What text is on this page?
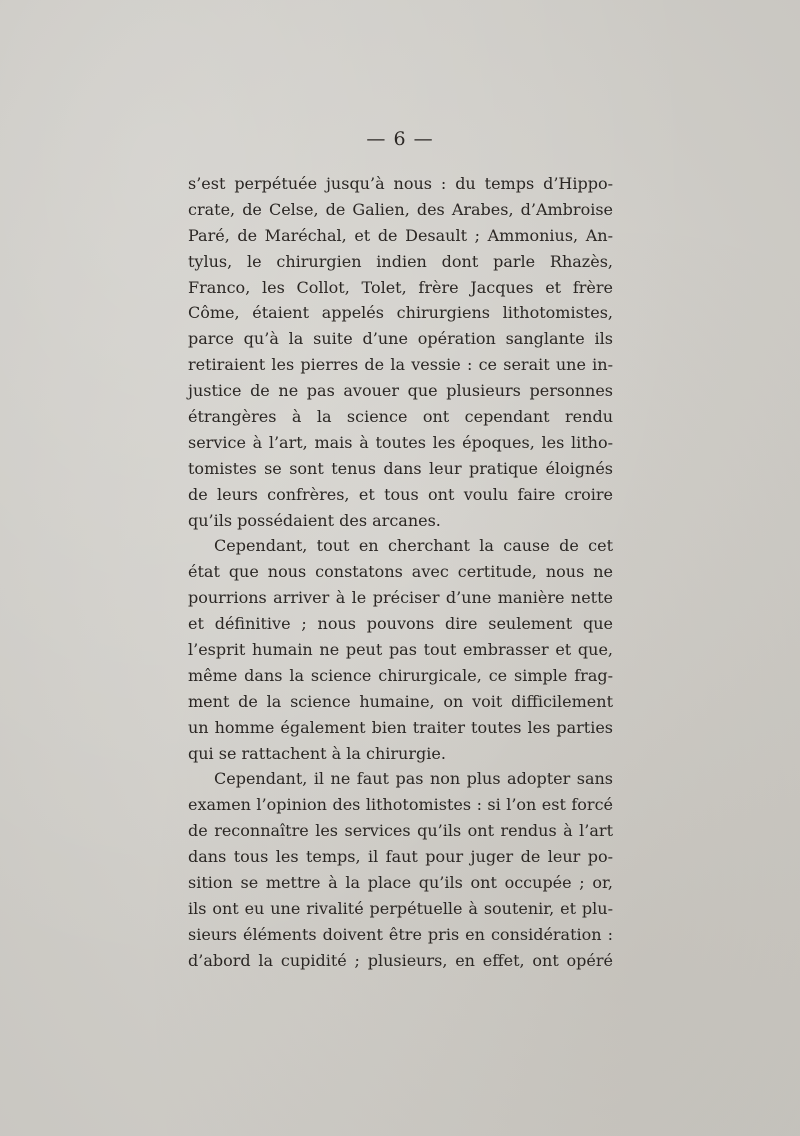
— 6 —
s’est perpétuée jusqu’à nous : du temps d’Hippo-
crate, de Celse, de Galien, des Arabes, d’Ambroise
Paré, de Maréchal, et de Desault ; Ammonius, An-
tylus, le chirurgien indien dont parle Rhazès,
Franco, les Collot, Tolet, frère Jacques et frère
Côme, étaient appelés chirurgiens lithotomistes,
parce qu’à la suite d’une opération sanglante ils
retiraient les pierres de la vessie : ce serait une in-
justice de ne pas avouer que plusieurs personnes
étrangères à la science ont cependant rendu
service à l’art, mais à toutes les époques, les litho-
tomistes se sont tenus dans leur pratique éloignés
de leurs confrères, et tous ont voulu faire croire
qu’ils possédaient des arcanes.
Cependant, tout en cherchant la cause de cet
état que nous constatons avec certitude, nous ne
pourrions arriver à le préciser d’une manière nette
et définitive ; nous pouvons dire seulement que
l’esprit humain ne peut pas tout embrasser et que,
même dans la science chirurgicale, ce simple frag-
ment de la science humaine, on voit difficilement
un homme également bien traiter toutes les parties
qui se rattachent à la chirurgie.
Cependant, il ne faut pas non plus adopter sans
examen l’opinion des lithotomistes : si l’on est forcé
de reconnaître les services qu’ils ont rendus à l’art
dans tous les temps, il faut pour juger de leur po-
sition se mettre à la place qu’ils ont occupée ; or,
ils ont eu une rivalité perpétuelle à soutenir, et plu-
sieurs éléments doivent être pris en considération :
d’abord la cupidité ; plusieurs, en effet, ont opéré
